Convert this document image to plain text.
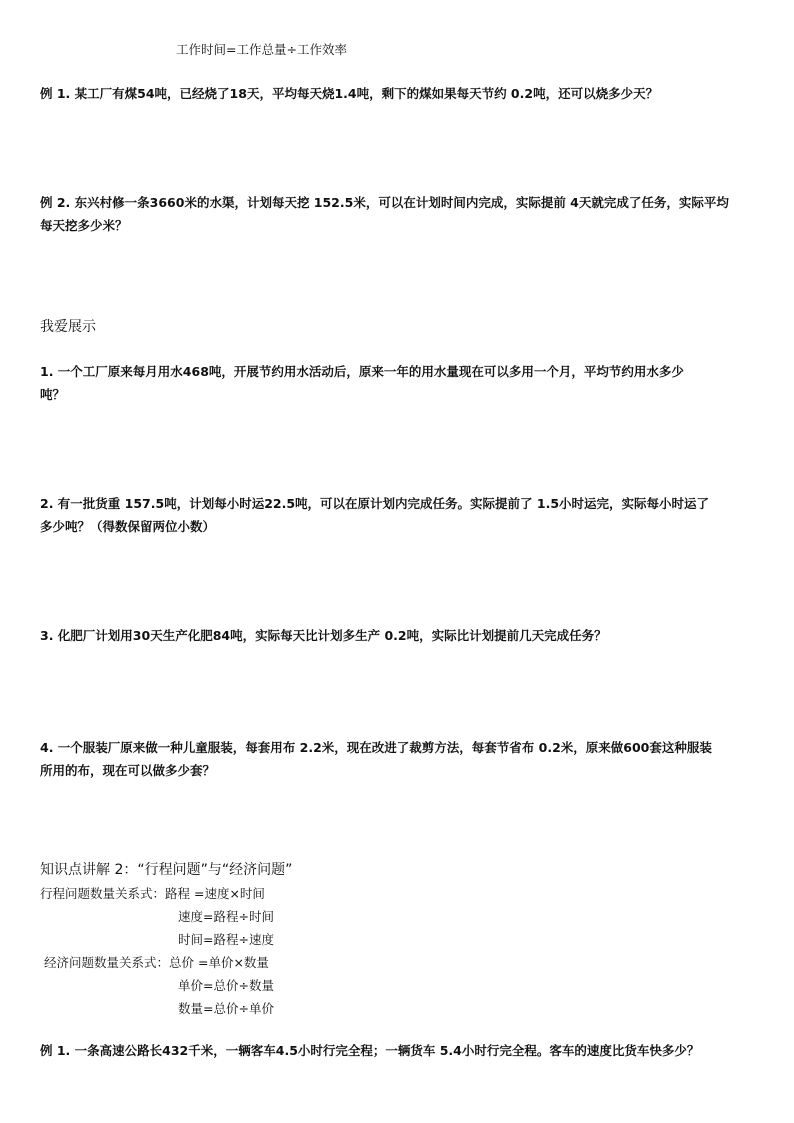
工作时间=工作总量÷工作效率
例 1. 某工厂有煤54吨，已经烧了18天，平均每天烧1.4吨，剩下的煤如果每天节约 0.2吨，还可以烧多少天？
例 2. 东兴村修一条3660米的水渠，计划每天挖 152.5米，可以在计划时间内完成，实际提前 4天就完成了任务，实际平均
每天挖多少米？
我爱展示
1. 一个工厂原来每月用水468吨，开展节约用水活动后，原来一年的用水量现在可以多用一个月，平均节约用水多少
吨？
2. 有一批货重 157.5吨，计划每小时运22.5吨，可以在原计划内完成任务。实际提前了 1.5小时运完，实际每小时运了
多少吨？（得数保留两位小数）
3. 化肥厂计划用30天生产化肥84吨，实际每天比计划多生产 0.2吨，实际比计划提前几天完成任务？
4. 一个服装厂原来做一种儿童服装，每套用布 2.2米，现在改进了裁剪方法，每套节省布 0.2米，原来做600套这种服装
所用的布，现在可以做多少套？
知识点讲解 2：“行程问题”与“经济问题”
行程问题数量关系式：路程 =速度×时间
速度=路程÷时间
时间=路程÷速度
经济问题数量关系式：总价 =单价×数量
单价=总价÷数量
数量=总价÷单价
例 1. 一条高速公路长432千米，一辆客车4.5小时行完全程；一辆货车 5.4小时行完全程。客车的速度比货车快多少？
